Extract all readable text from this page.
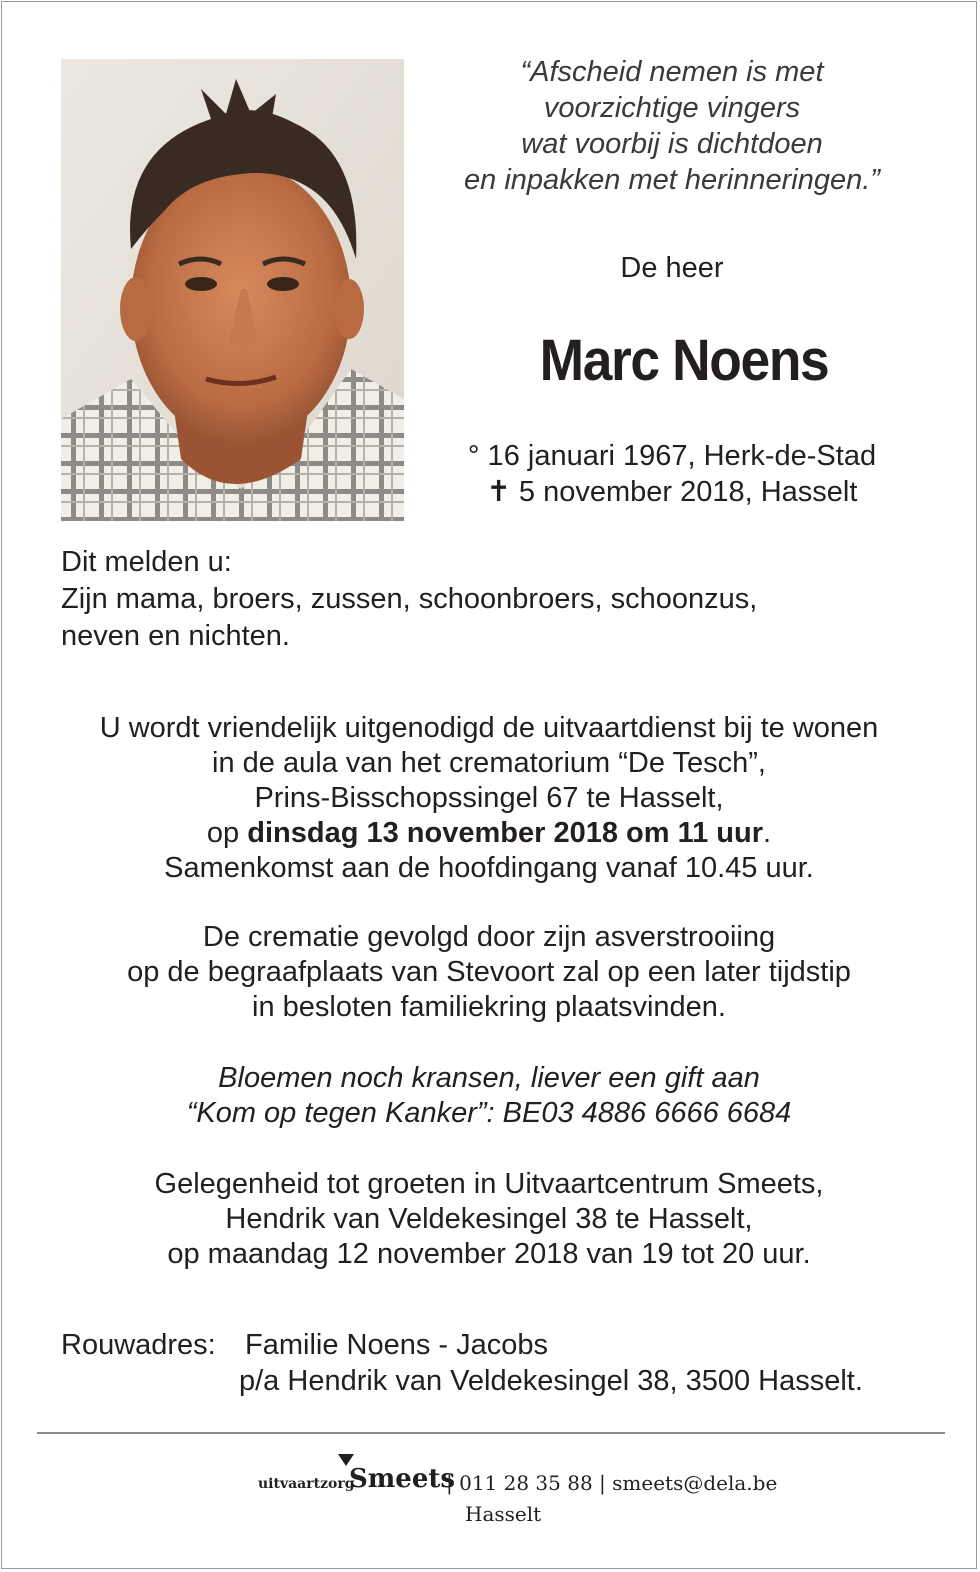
“Afscheid nemen is met
voorzichtige vingers
wat voorbij is dichtdoen
en inpakken met herinneringen.”
De heer
Marc Noens
° 16 januari 1967, Herk-de-Stad
✝ 5 november 2018, Hasselt
Dit melden u:
Zijn mama, broers, zussen, schoonbroers, schoonzus,
neven en nichten.
U wordt vriendelijk uitgenodigd de uitvaartdienst bij te wonen
in de aula van het crematorium “De Tesch”,
Prins-Bisschopssingel 67 te Hasselt,
op dinsdag 13 november 2018 om 11 uur.
Samenkomst aan de hoofdingang vanaf 10.45 uur.
De crematie gevolgd door zijn asverstrooiing
op de begraafplaats van Stevoort zal op een later tijdstip
in besloten familiekring plaatsvinden.
Bloemen noch kransen, liever een gift aan
“Kom op tegen Kanker”: BE03 4886 6666 6684
Gelegenheid tot groeten in Uitvaartcentrum Smeets,
Hendrik van Veldekesingel 38 te Hasselt,
op maandag 12 november 2018 van 19 tot 20 uur.
Rouwadres: Familie Noens - Jacobs
p/a Hendrik van Veldekesingel 38, 3500 Hasselt.
uitvaartzorg
Smeets
| 011 28 35 88 | smeets@dela.be
Hasselt
